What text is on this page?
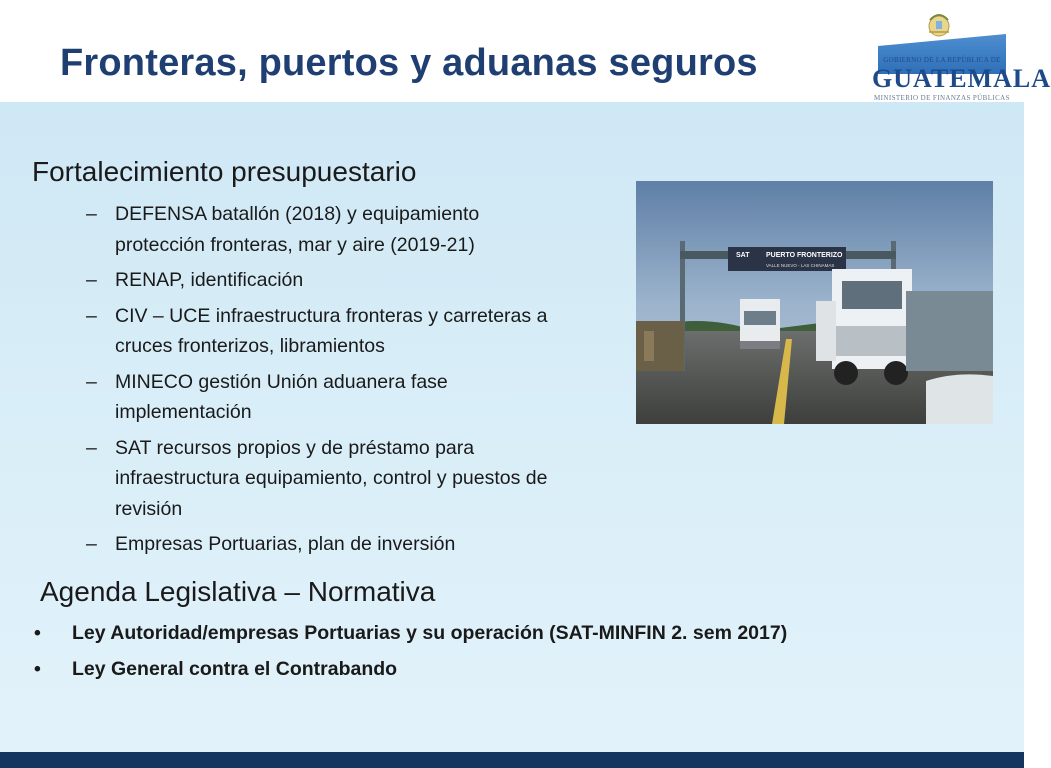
Fronteras, puertos y aduanas seguros	GOBIERNO DE LA REPÚBLICA DE
GUATEMALA
MINISTERIO DE FINANZAS PÚBLICAS
Fortalecimiento presupuestario
– DEFENSA batallón (2018) y equipamiento
protección fronteras, mar y aire (2019-21)
– RENAP, identificación
– CIV – UCE infraestructura fronteras y carreteras a
cruces fronterizos, libramientos
– MINECO gestión Unión aduanera fase
implementación
– SAT recursos propios y de préstamo para
infraestructura equipamiento, control y puestos de
revisión
– Empresas Portuarias, plan de inversión
Agenda Legislativa – Normativa
• Ley Autoridad/empresas Portuarias y su operación (SAT-MINFIN 2. sem 2017)
• Ley General contra el Contrabando
SAT PUERTO FRONTERIZO
VALLE NUEVO - LAS CHINAMAS
